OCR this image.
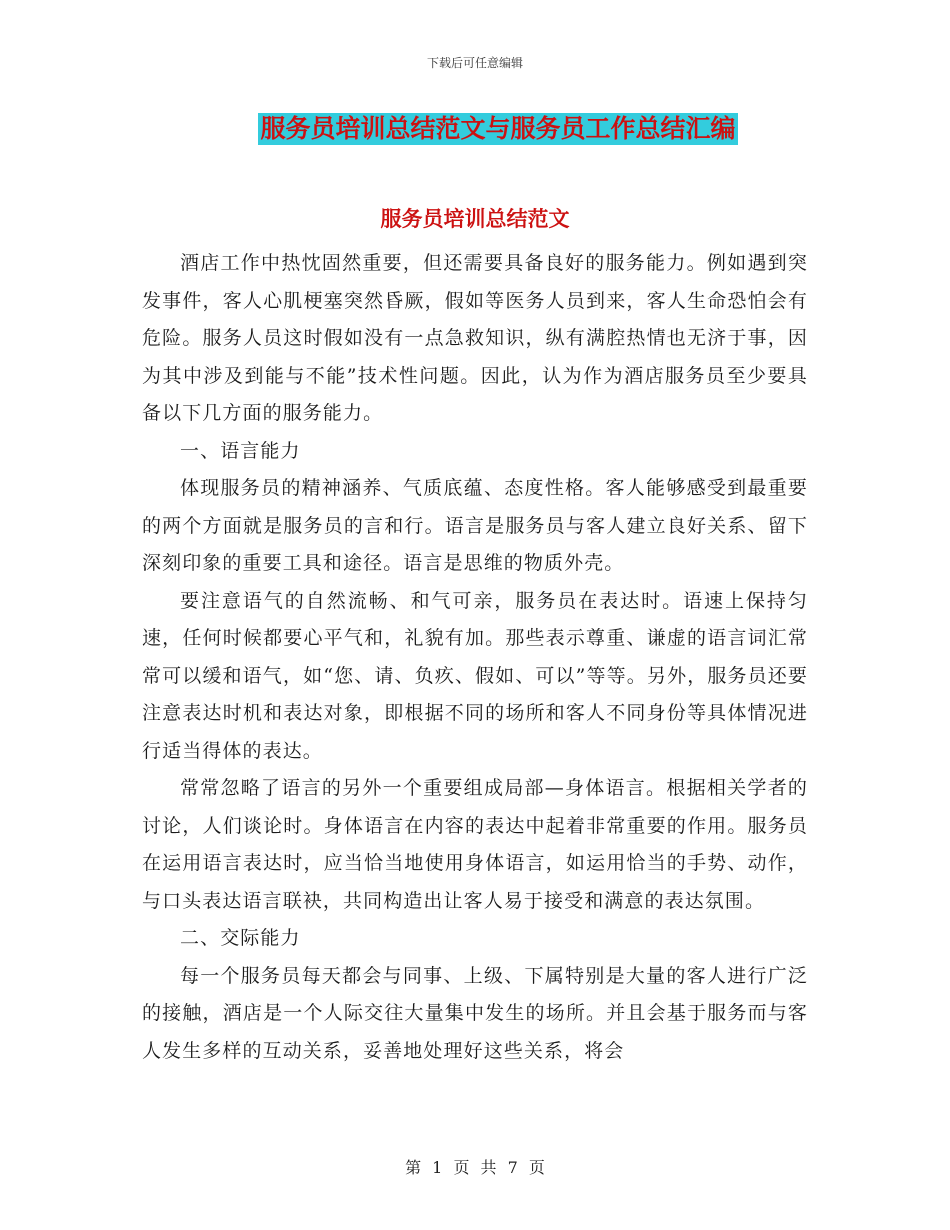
下载后可任意编辑
服务员培训总结范文与服务员工作总结汇编
服务员培训总结范文

酒店工作中热忱固然重要，但还需要具备良好的服务能力。例如遇到突发事件，客人心肌梗塞突然昏厥，假如等医务人员到来，客人生命恐怕会有危险。服务人员这时假如没有一点急救知识，纵有满腔热情也无济于事，因为其中涉及到能与不能”技术性问题。因此，认为作为酒店服务员至少要具备以下几方面的服务能力。

一、语言能力

体现服务员的精神涵养、气质底蕴、态度性格。客人能够感受到最重要的两个方面就是服务员的言和行。语言是服务员与客人建立良好关系、留下深刻印象的重要工具和途径。语言是思维的物质外壳。

要注意语气的自然流畅、和气可亲，服务员在表达时。语速上保持匀速，任何时候都要心平气和，礼貌有加。那些表示尊重、谦虚的语言词汇常常可以缓和语气，如“您、请、负疚、假如、可以”等等。另外，服务员还要注意表达时机和表达对象，即根据不同的场所和客人不同身份等具体情况进行适当得体的表达。

常常忽略了语言的另外一个重要组成局部—身体语言。根据相关学者的讨论，人们谈论时。身体语言在内容的表达中起着非常重要的作用。服务员在运用语言表达时，应当恰当地使用身体语言，如运用恰当的手势、动作，与口头表达语言联袂，共同构造出让客人易于接受和满意的表达氛围。

二、交际能力

每一个服务员每天都会与同事、上级、下属特别是大量的客人进行广泛的接触，酒店是一个人际交往大量集中发生的场所。并且会基于服务而与客人发生多样的互动关系，妥善地处理好这些关系，将会

第 1 页 共 7 页
